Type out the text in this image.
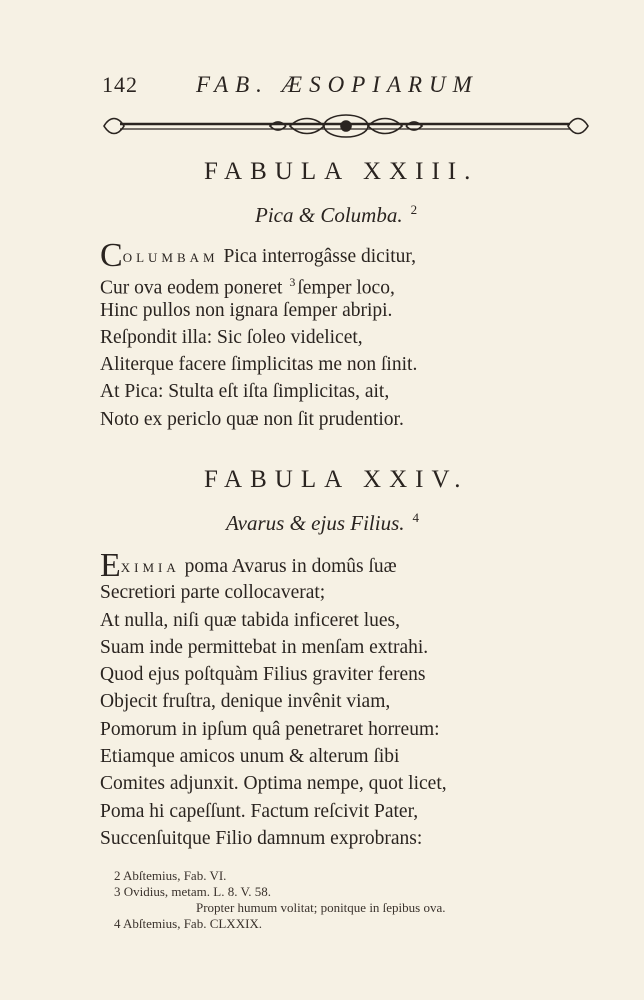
142	FAB. ÆSOPIARUM
FABULA XXIII.
Pica & Columba. $^2$
COLUMBAM Pica interrogâsse dicitur,
Cur ova eodem poneret $^3$ ſemper loco,
Hinc pullos non ignara ſemper abripi.
Reſpondit illa: Sic ſoleo videlicet,
Aliterque facere ſimplicitas me non ſinit.
At Pica: Stulta eſt iſta ſimplicitas, ait,
Noto ex periclo quæ non ſit prudentior.
FABULA XXIV.
Avarus & ejus Filius. $^4$
EXIMIA poma Avarus in domûs ſuæ
Secretiori parte collocaverat;
At nulla, niſi quæ tabida inficeret lues,
Suam inde permittebat in menſam extrahi.
Quod ejus poſtquàm Filius graviter ferens
Objecit fruſtra, denique invênit viam,
Pomorum in ipſum quâ penetraret horreum:
Etiamque amicos unum & alterum ſibi
Comites adjunxit. Optima nempe, quot licet,
Poma hi capeſſunt. Factum reſcivit Pater,
Succenſuitque Filio damnum exprobrans:
2 Abſtemius, Fab. VI.
3 Ovidius, metam. L. 8. V. 58.
Propter humum volitat; ponitque in ſepibus ova.
4 Abſtemius, Fab. CLXXIX.
